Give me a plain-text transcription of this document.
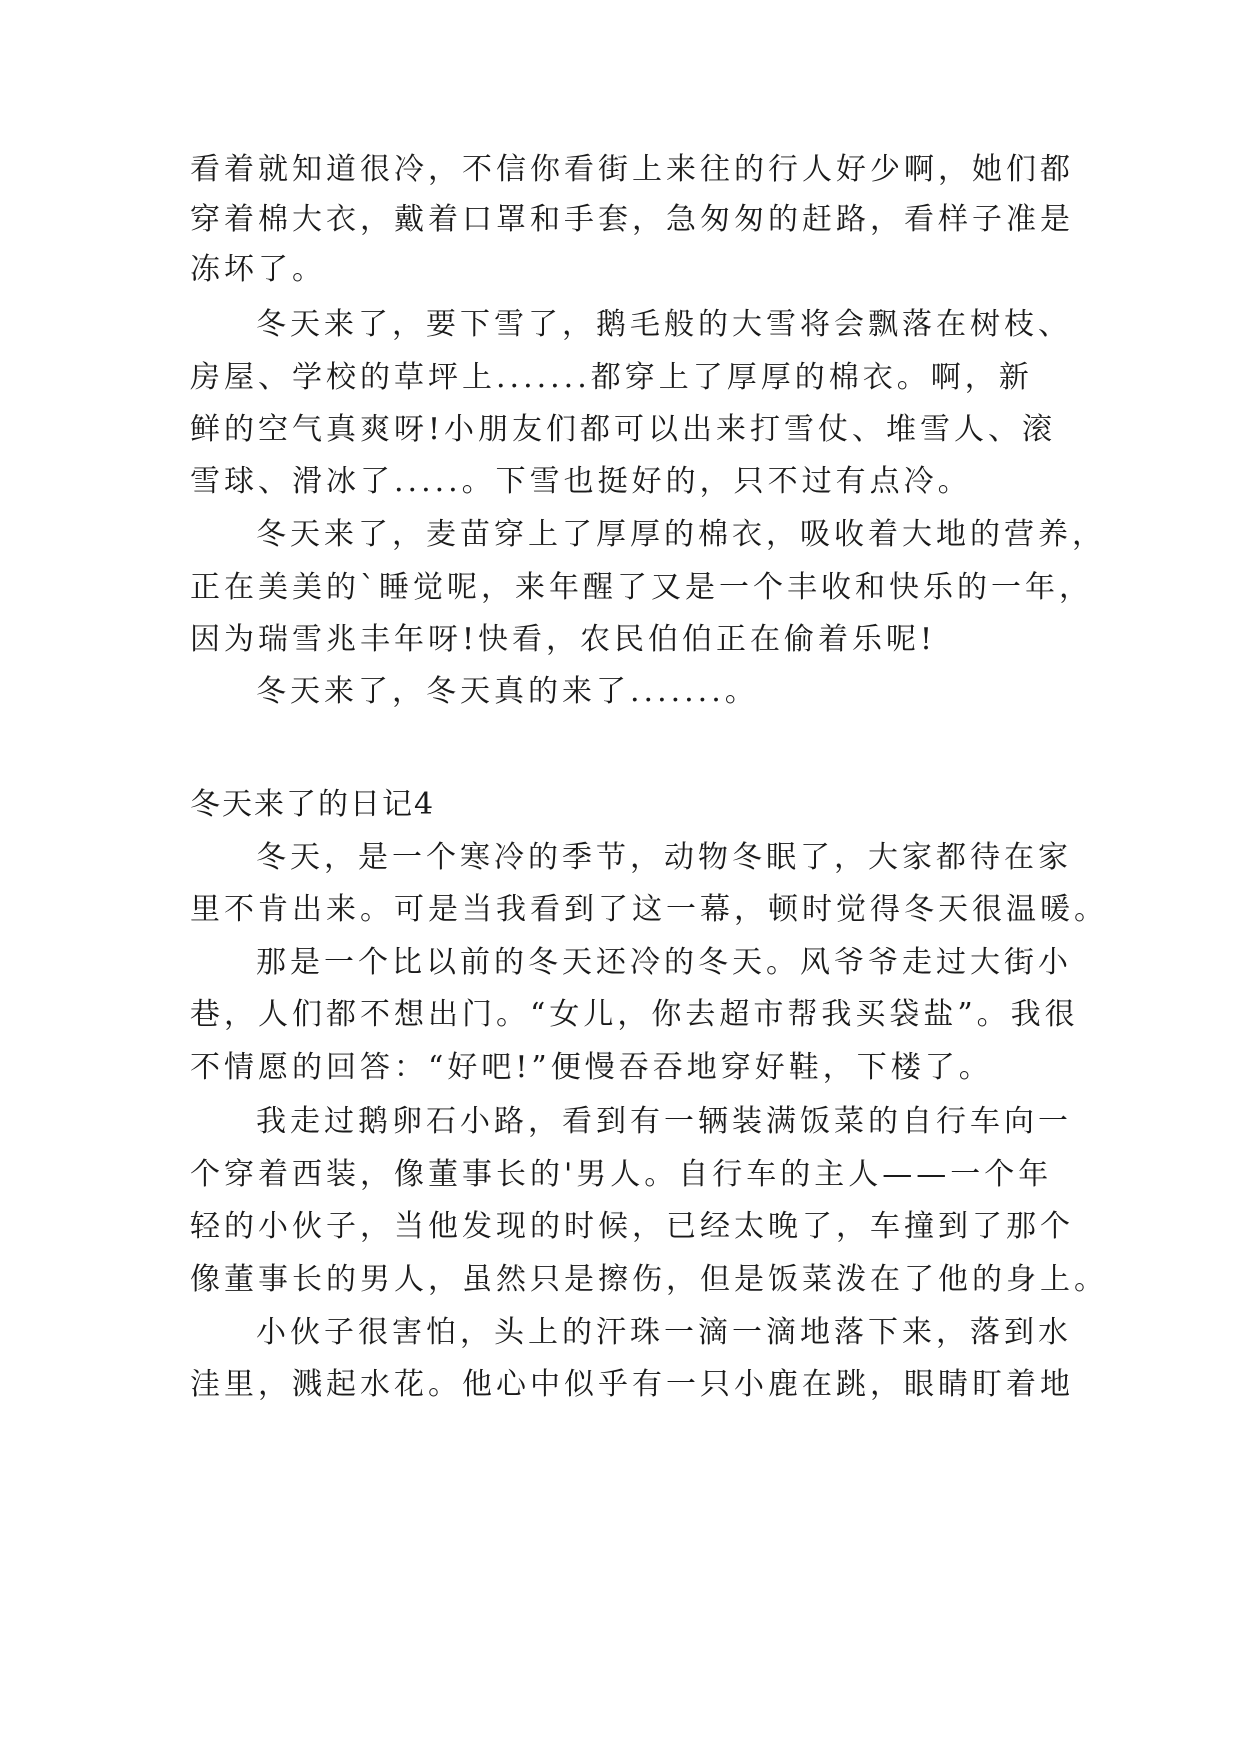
看着就知道很冷，不信你看街上来往的行人好少啊，她们都
穿着棉大衣，戴着口罩和手套，急匆匆的赶路，看样子准是
冻坏了。
冬天来了，要下雪了，鹅毛般的大雪将会飘落在树枝、
房屋、学校的草坪上.......都穿上了厚厚的棉衣。啊，新
鲜的空气真爽呀!小朋友们都可以出来打雪仗、堆雪人、滚
雪球、滑冰了.....。下雪也挺好的，只不过有点冷。
冬天来了，麦苗穿上了厚厚的棉衣，吸收着大地的营养，
正在美美的`睡觉呢，来年醒了又是一个丰收和快乐的一年，
因为瑞雪兆丰年呀!快看，农民伯伯正在偷着乐呢!
冬天来了，冬天真的来了.......。
冬天来了的日记4
冬天，是一个寒冷的季节，动物冬眠了，大家都待在家
里不肯出来。可是当我看到了这一幕，顿时觉得冬天很温暖。
那是一个比以前的冬天还冷的冬天。风爷爷走过大街小
巷，人们都不想出门。“女儿，你去超市帮我买袋盐”。我很
不情愿的回答：“好吧!”便慢吞吞地穿好鞋，下楼了。
我走过鹅卵石小路，看到有一辆装满饭菜的自行车向一
个穿着西装，像董事长的'男人。自行车的主人——一个年
轻的小伙子，当他发现的时候，已经太晚了，车撞到了那个
像董事长的男人，虽然只是擦伤，但是饭菜泼在了他的身上。
小伙子很害怕，头上的汗珠一滴一滴地落下来，落到水
洼里，溅起水花。他心中似乎有一只小鹿在跳，眼睛盯着地
